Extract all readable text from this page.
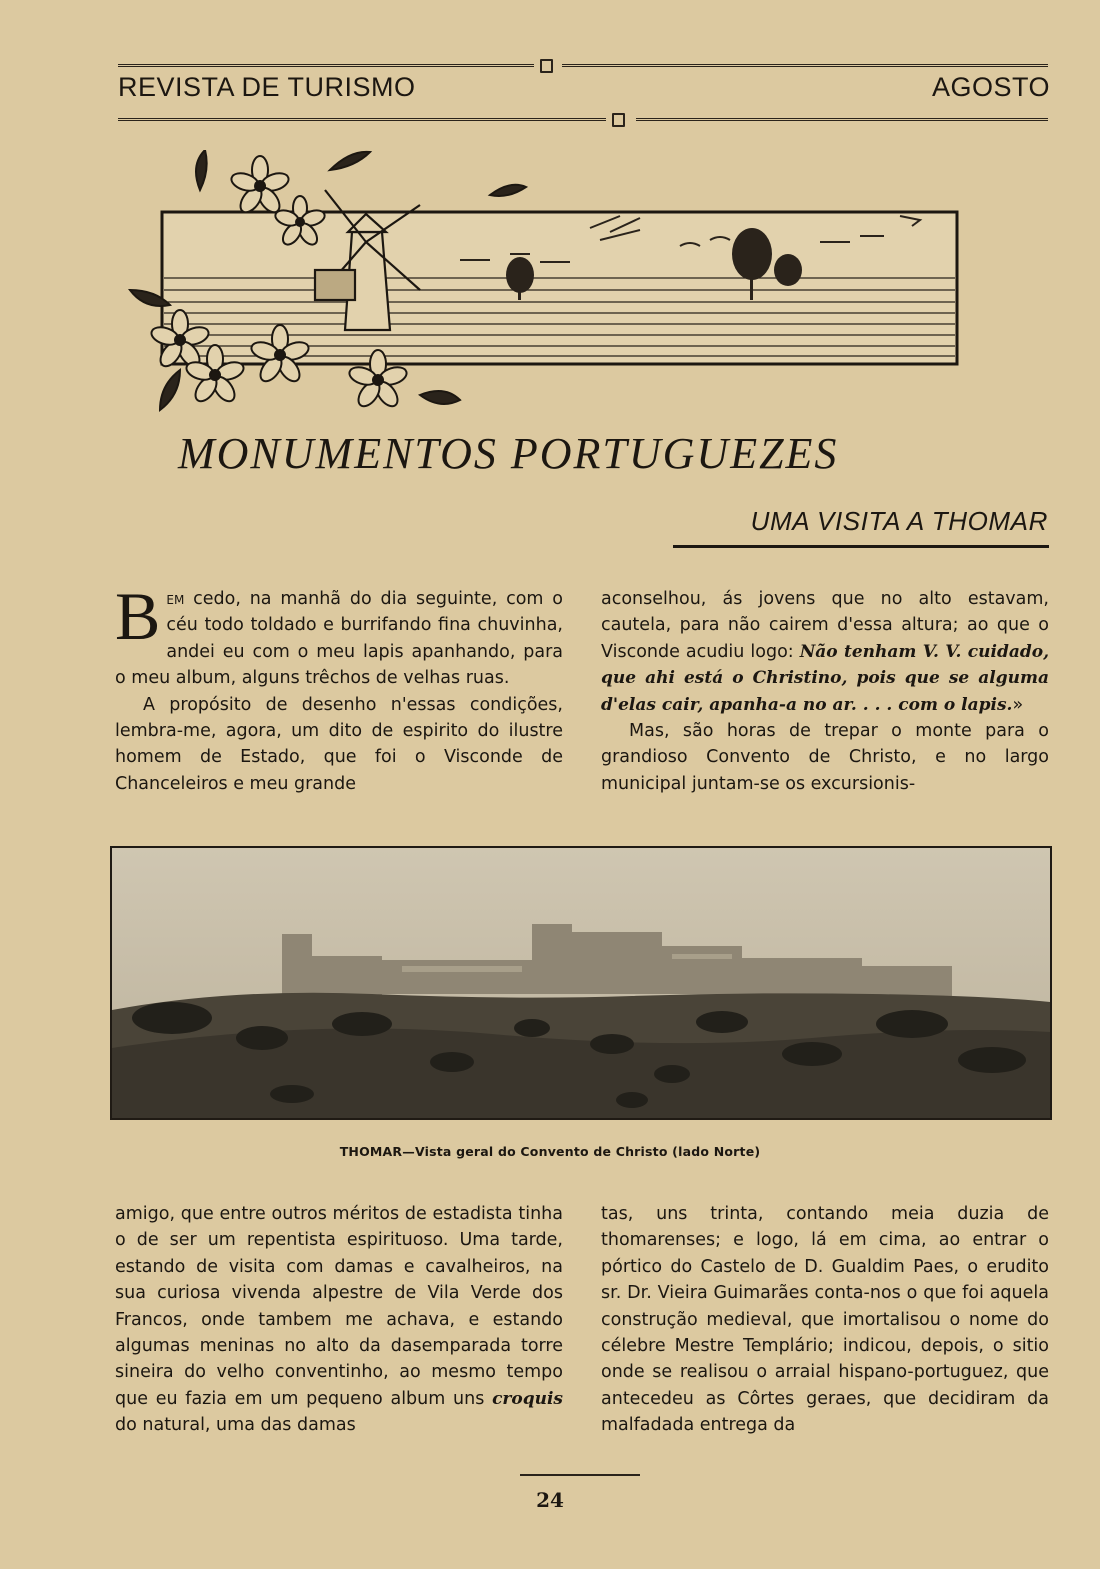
REVISTA DE TURISMO	AGOSTO
MONUMENTOS PORTUGUEZES
UMA VISITA A THOMAR

Bem cedo, na manhã do dia seguinte, com o céu todo toldado e burrifando fina chuvinha, andei eu com o meu lapis apanhando, para o meu album, alguns trêchos de velhas ruas.

A propósito de desenho n'essas condições, lembra-me, agora, um dito de espirito do ilustre homem de Estado, que foi o Visconde de Chanceleiros e meu grande

aconselhou, ás jovens que no alto estavam, cautela, para não cairem d'essa altura; ao que o Visconde acudiu logo: Não tenham V. V. cuidado, que ahi está o Christino, pois que se alguma d'elas cair, apanha-a no ar. . . . com o lapis.»

Mas, são horas de trepar o monte para o grandioso Convento de Christo, e no largo municipal juntam-se os excursionis-

THOMAR—Vista geral do Convento de Christo (lado Norte)

amigo, que entre outros méritos de estadista tinha o de ser um repentista espirituoso. Uma tarde, estando de visita com damas e cavalheiros, na sua curiosa vivenda alpestre de Vila Verde dos Francos, onde tambem me achava, e estando algumas meninas no alto da dasemparada torre sineira do velho conventinho, ao mesmo tempo que eu fazia em um pequeno album uns croquis do natural, uma das damas

tas, uns trinta, contando meia duzia de thomarenses; e logo, lá em cima, ao entrar o pórtico do Castelo de D. Gualdim Paes, o erudito sr. Dr. Vieira Guimarães conta-nos o que foi aquela construção medieval, que imortalisou o nome do célebre Mestre Templário; indicou, depois, o sitio onde se realisou o arraial hispano-portuguez, que antecedeu as Côrtes geraes, que decidiram da malfadada entrega da

24
